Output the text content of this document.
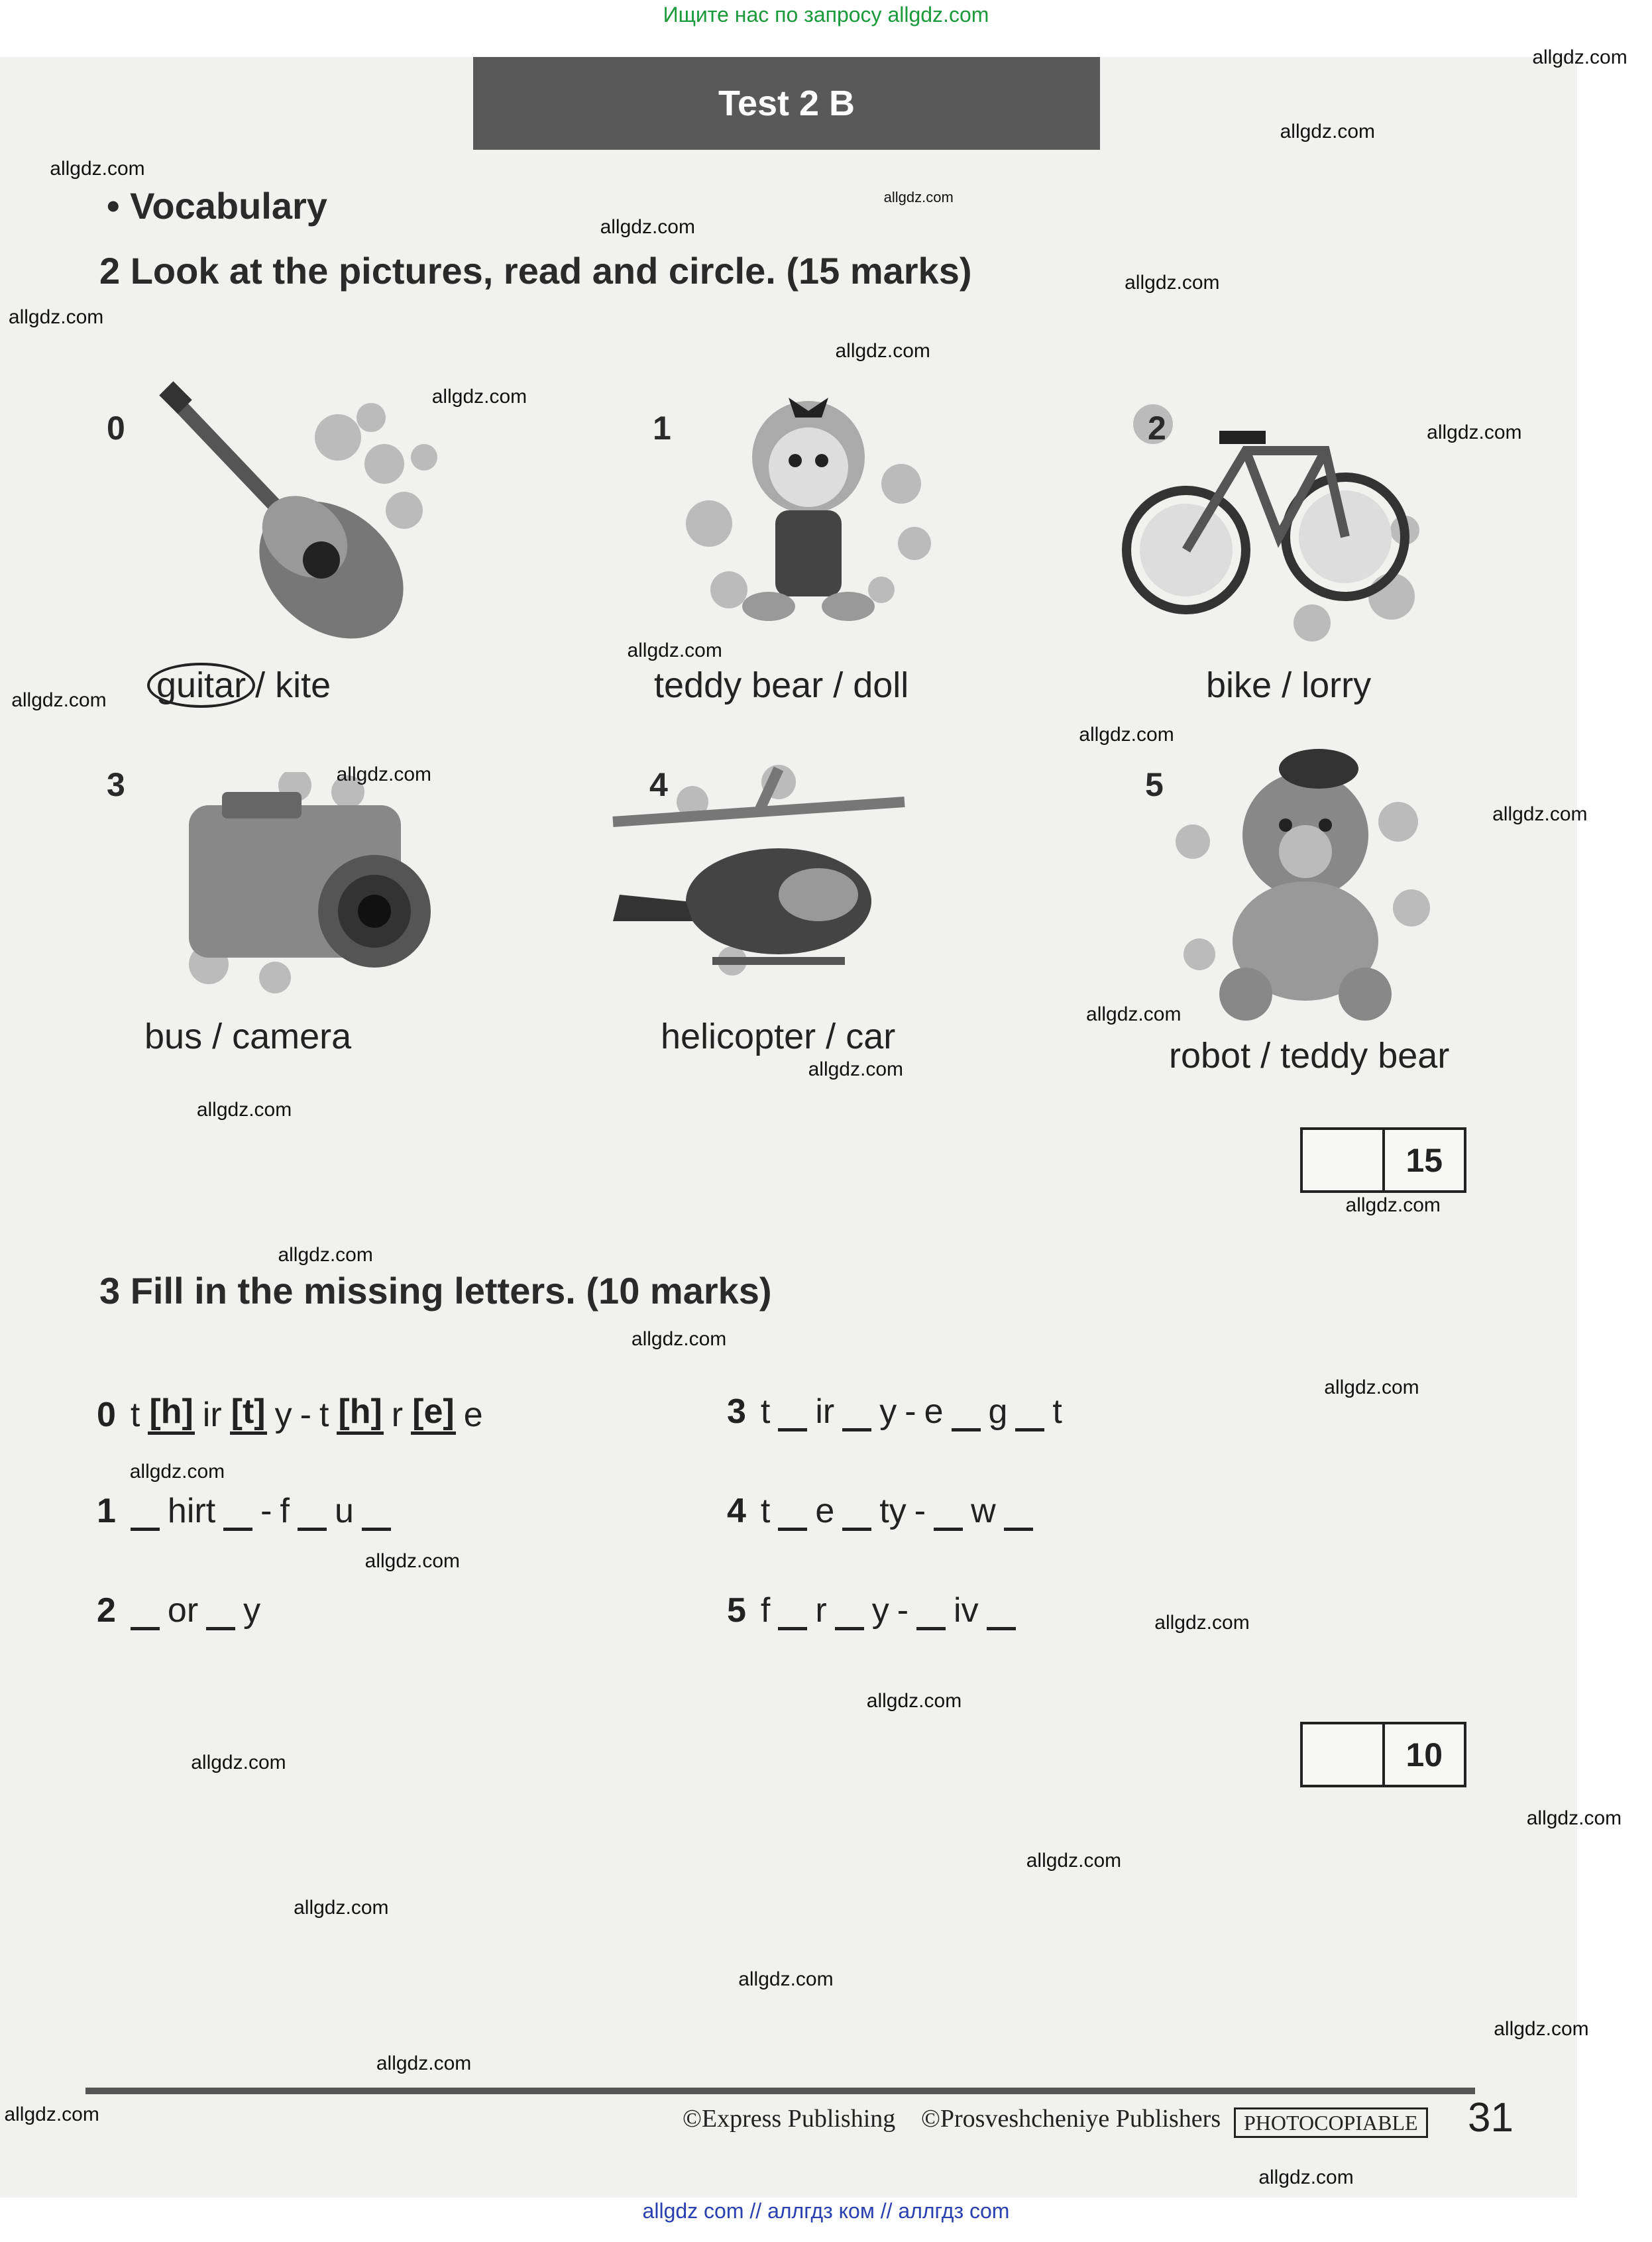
Ищите нас по запросу allgdz.com
Test 2 B
• Vocabulary
2 Look at the pictures, read and circle. (15 marks)
0	1	2
3	4	5
guitar / kite	teddy bear / doll	bike / lorry
bus / camera	helicopter / car	robot / teddy bear
15
3 Fill in the missing letters. (10 marks)
0 t [h] ir [t] y - t [h] r [e] e
1 hirt - f u
2 or y
3 t ir y - e g t
4 t e ty - w
5 f r y - iv
10
©Express Publishing ©Prosveshcheniye Publishers	PHOTOCOPIABLE 31
allgdz com // аллгдз ком // аллгдз com
allgdz.com
allgdz.com
allgdz.com
allgdz.com
allgdz.com
allgdz.com
allgdz.com
allgdz.com
allgdz.com
allgdz.com
allgdz.com
allgdz.com
allgdz.com
allgdz.com
allgdz.com
allgdz.com
allgdz.com
allgdz.com
allgdz.com
allgdz.com
allgdz.com
allgdz.com
allgdz.com
allgdz.com
allgdz.com
allgdz.com
allgdz.com
allgdz.com
allgdz.com
allgdz.com
allgdz.com
allgdz.com
allgdz.com
allgdz.com
allgdz.com
